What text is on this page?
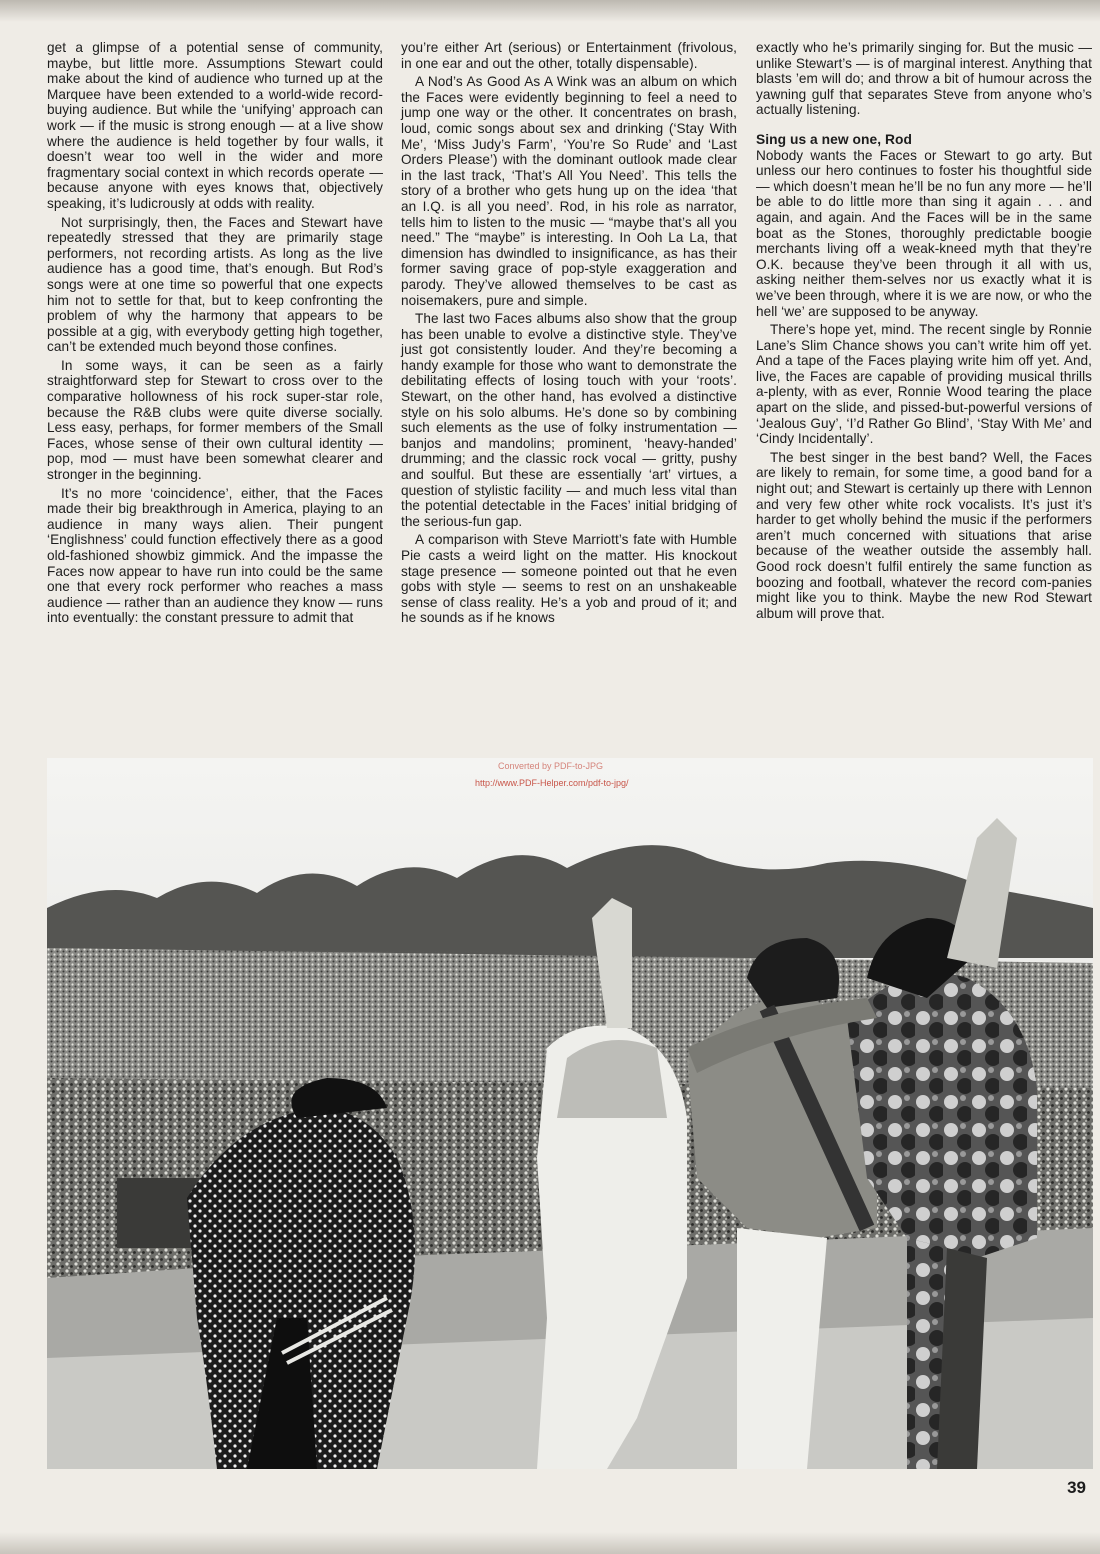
get a glimpse of a potential sense of community, maybe, but little more. Assumptions Stewart could make about the kind of audience who turned up at the Marquee have been extended to a world-wide record-buying audience. But while the ‘unifying’ approach can work — if the music is strong enough — at a live show where the audience is held together by four walls, it doesn’t wear too well in the wider and more fragmentary social context in which records operate — because anyone with eyes knows that, objectively speaking, it’s ludicrously at odds with reality.

Not surprisingly, then, the Faces and Stewart have repeatedly stressed that they are primarily stage performers, not recording artists. As long as the live audience has a good time, that’s enough. But Rod’s songs were at one time so powerful that one expects him not to settle for that, but to keep confronting the problem of why the harmony that appears to be possible at a gig, with everybody getting high together, can’t be extended much beyond those confines.

In some ways, it can be seen as a fairly straightforward step for Stewart to cross over to the comparative hollowness of his rock super-star role, because the R&B clubs were quite diverse socially. Less easy, perhaps, for former members of the Small Faces, whose sense of their own cultural identity — pop, mod — must have been somewhat clearer and stronger in the beginning.

It’s no more ‘coincidence’, either, that the Faces made their big breakthrough in America, playing to an audience in many ways alien. Their pungent ‘Englishness’ could function effectively there as a good old-fashioned showbiz gimmick. And the impasse the Faces now appear to have run into could be the same one that every rock performer who reaches a mass audience — rather than an audience they know — runs into eventually: the constant pressure to admit that

you’re either Art (serious) or Entertainment (frivolous, in one ear and out the other, totally dispensable).

A Nod’s As Good As A Wink was an album on which the Faces were evidently beginning to feel a need to jump one way or the other. It concentrates on brash, loud, comic songs about sex and drinking (‘Stay With Me’, ‘Miss Judy’s Farm’, ‘You’re So Rude’ and ‘Last Orders Please’) with the dominant outlook made clear in the last track, ‘That’s All You Need’. This tells the story of a brother who gets hung up on the idea ‘that an I.Q. is all you need’. Rod, in his role as narrator, tells him to listen to the music — “maybe that’s all you need.” The “maybe” is interesting. In Ooh La La, that dimension has dwindled to insignificance, as has their former saving grace of pop-style exaggeration and parody. They’ve allowed themselves to be cast as noisemakers, pure and simple.

The last two Faces albums also show that the group has been unable to evolve a distinctive style. They’ve just got consistently louder. And they’re becoming a handy example for those who want to demonstrate the debilitating effects of losing touch with your ‘roots’. Stewart, on the other hand, has evolved a distinctive style on his solo albums. He’s done so by combining such elements as the use of folky instrumentation — banjos and mandolins; prominent, ‘heavy-handed’ drumming; and the classic rock vocal — gritty, pushy and soulful. But these are essentially ‘art’ virtues, a question of stylistic facility — and much less vital than the potential detectable in the Faces’ initial bridging of the serious-fun gap.

A comparison with Steve Marriott’s fate with Humble Pie casts a weird light on the matter. His knockout stage presence — someone pointed out that he even gobs with style — seems to rest on an unshakeable sense of class reality. He’s a yob and proud of it; and he sounds as if he knows

exactly who he’s primarily singing for. But the music — unlike Stewart’s — is of marginal interest. Anything that blasts ’em will do; and throw a bit of humour across the yawning gulf that separates Steve from anyone who’s actually listening.

Sing us a new one, Rod

Nobody wants the Faces or Stewart to go arty. But unless our hero continues to foster his thoughtful side — which doesn’t mean he’ll be no fun any more — he’ll be able to do little more than sing it again . . . and again, and again. And the Faces will be in the same boat as the Stones, thoroughly predictable boogie merchants living off a weak-kneed myth that they’re O.K. because they’ve been through it all with us, asking neither them-selves nor us exactly what it is we’ve been through, where it is we are now, or who the hell ‘we’ are supposed to be anyway.

There’s hope yet, mind. The recent single by Ronnie Lane’s Slim Chance shows you can’t write him off yet. And a tape of the Faces playing write him off yet. And, live, the Faces are capable of providing musical thrills a-plenty, with as ever, Ronnie Wood tearing the place apart on the slide, and pissed-but-powerful versions of ‘Jealous Guy’, ‘I’d Rather Go Blind’, ‘Stay With Me’ and ‘Cindy Incidentally’.

The best singer in the best band? Well, the Faces are likely to remain, for some time, a good band for a night out; and Stewart is certainly up there with Lennon and very few other white rock vocalists. It’s just it’s harder to get wholly behind the music if the performers aren’t much concerned with situations that arise because of the weather outside the assembly hall. Good rock doesn’t fulfil entirely the same function as boozing and football, whatever the record com-panies might like you to think. Maybe the new Rod Stewart album will prove that.

Converted by PDF-to-JPG
http://www.PDF-Helper.com/pdf-to-jpg/
39
